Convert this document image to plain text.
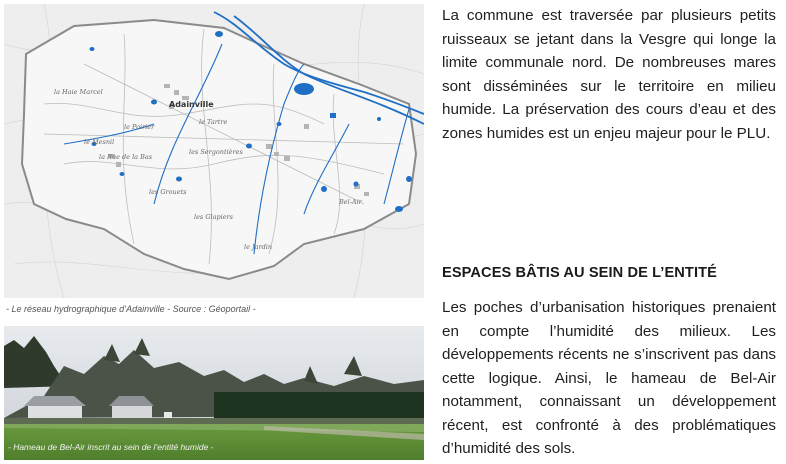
Adainville
le Poirier
la Haie Marcel
les Grouets
la Rue de la Bas
Bel-Air
le Mesnil
les Sergontières
le Tartre
les Glapiers
le Jardin
- Le réseau hydrographique d’Adainville - Source : Géoportail -
- Hameau de Bel-Air inscrit au sein de l’entité humide -

La commune est traversée par plusieurs petits ruisseaux se jetant dans la Vesgre qui longe la limite communale nord. De nombreuses mares sont disséminées sur le territoire en milieu humide. La préservation des cours d’eau et des zones humides est un enjeu majeur pour le PLU.

ESPACES BÂTIS AU SEIN DE L’ENTITÉ

Les poches d’urbanisation historiques prenaient en compte l’humidité des milieux. Les développements récents ne s’inscrivent pas dans cette logique. Ainsi, le hameau de Bel-Air notamment, connaissant un développement récent, est confronté à des problématiques d’humidité des sols.
